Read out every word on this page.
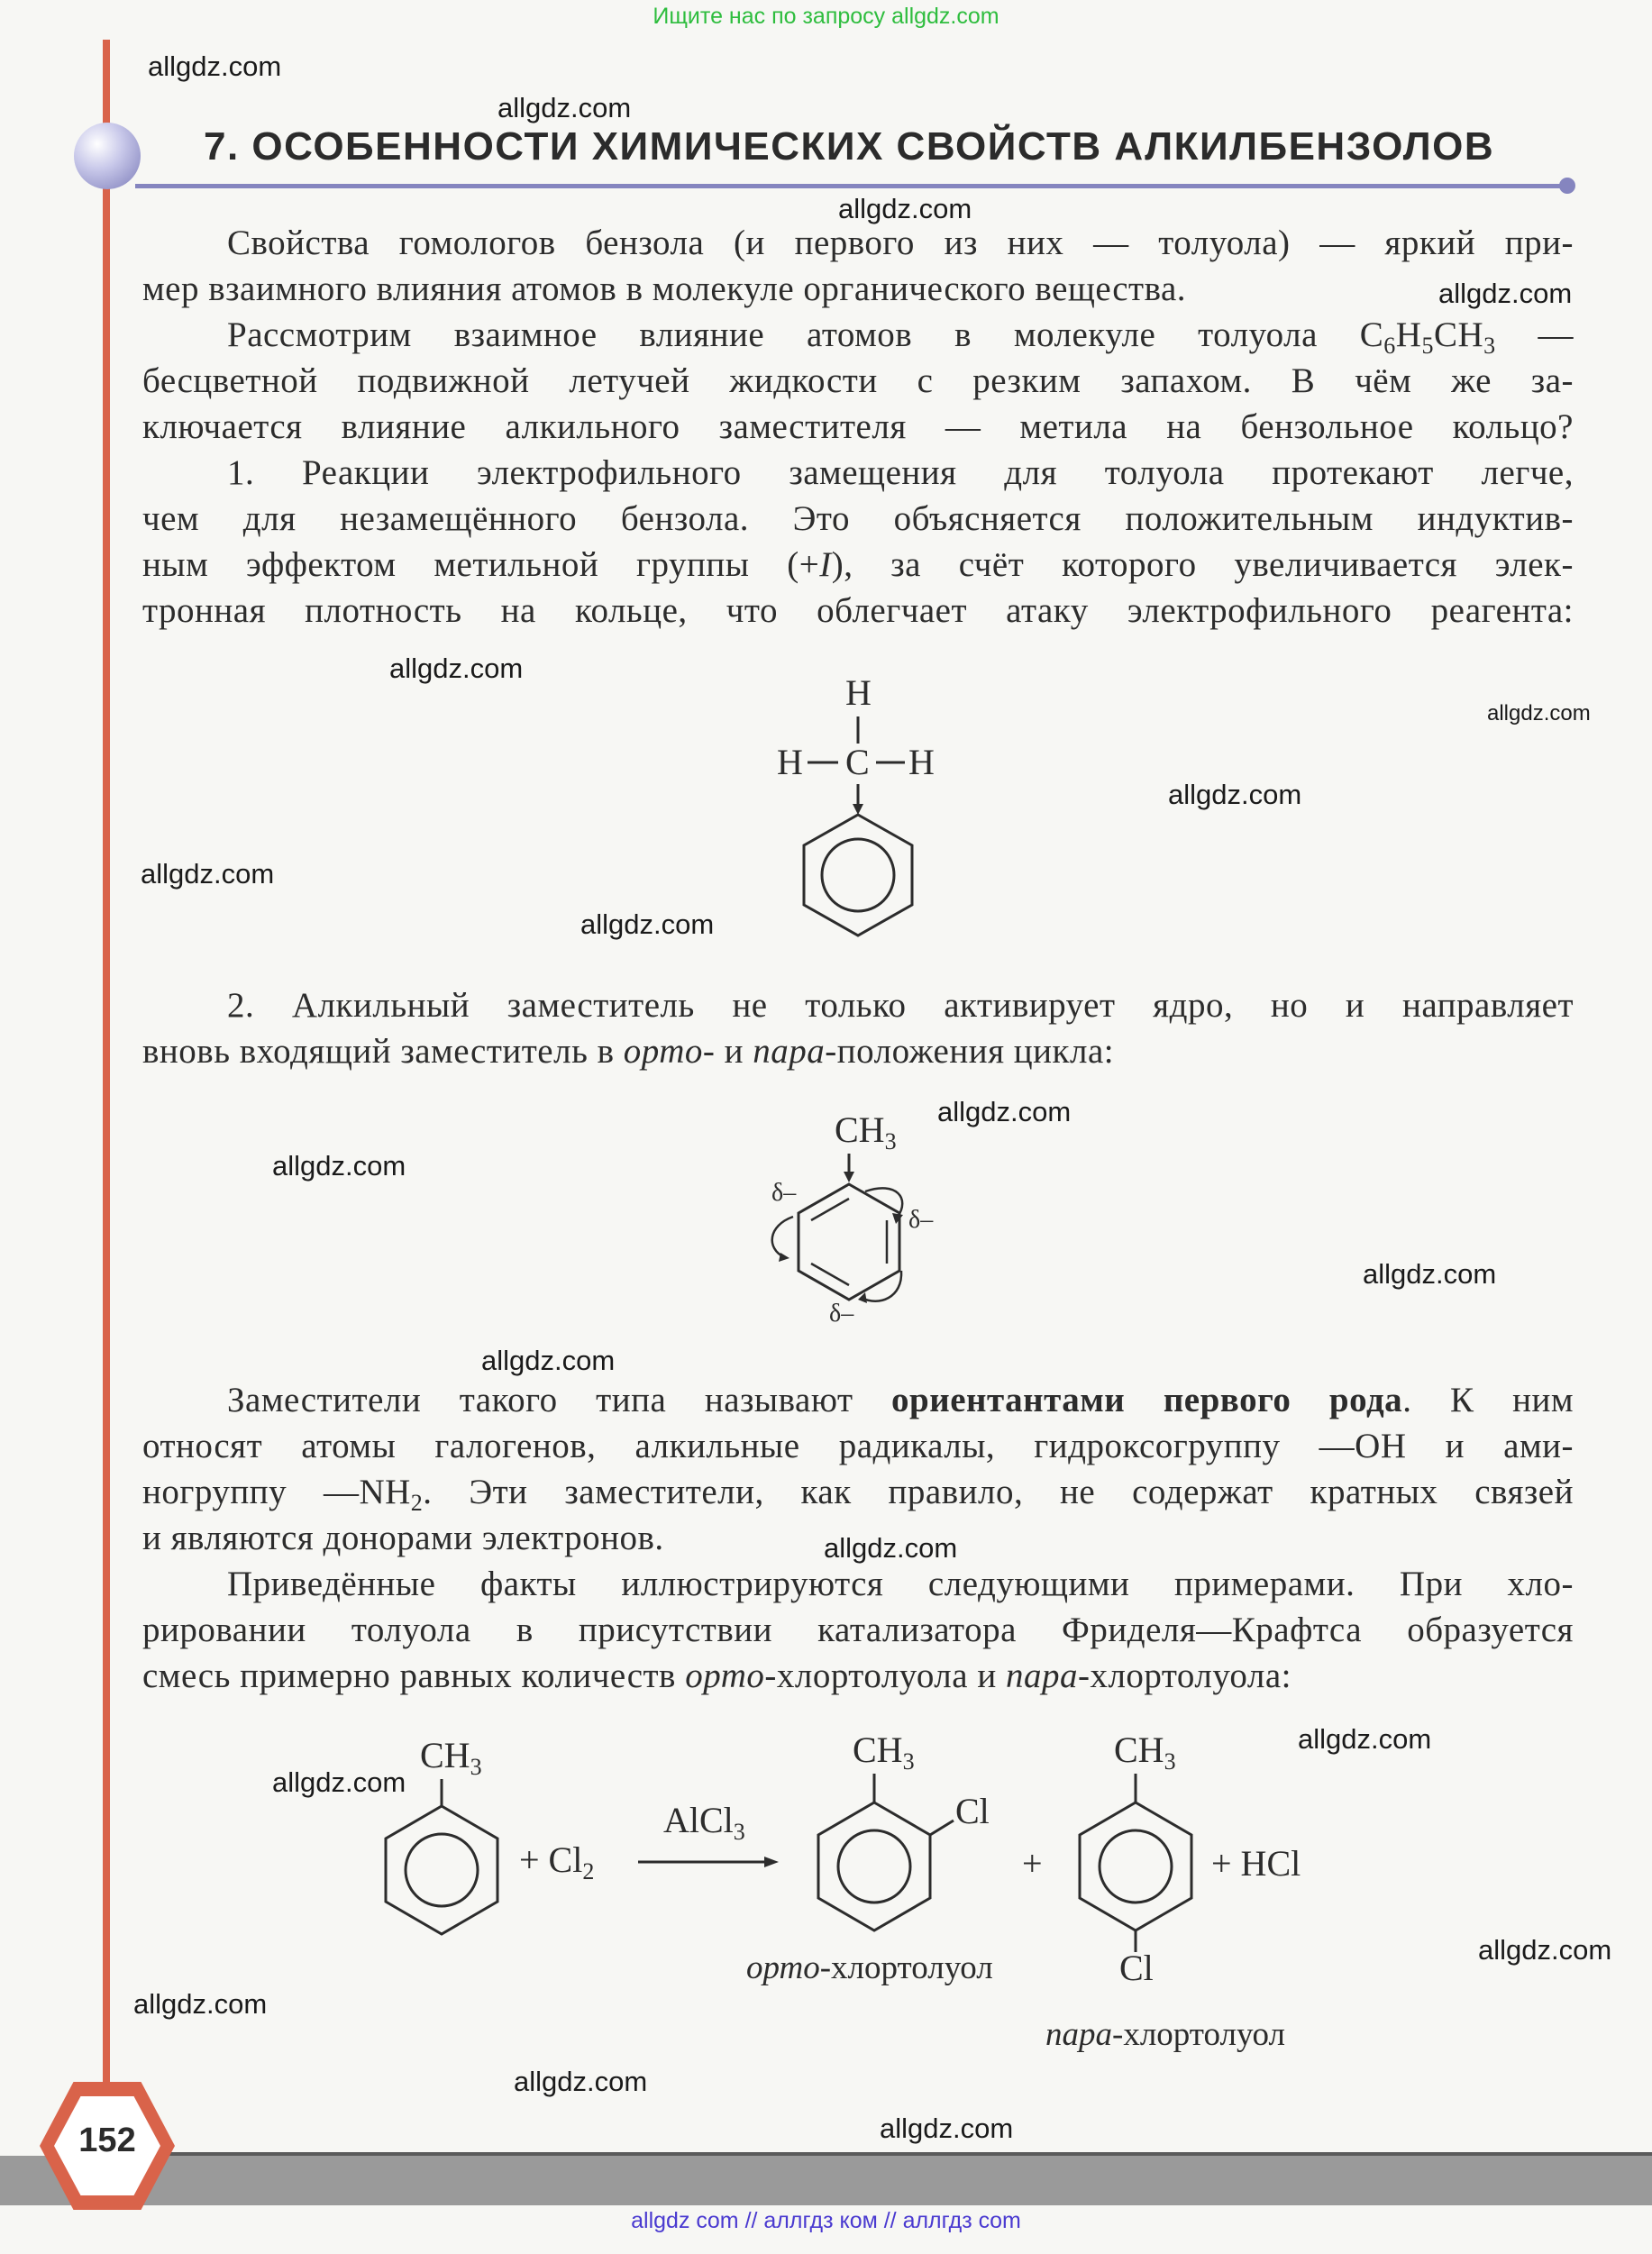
Ищите нас по запросу allgdz.com
7. ОСОБЕННОСТИ ХИМИЧЕСКИХ СВОЙСТВ АЛКИЛБЕНЗОЛОВ
Свойства гомологов бензола (и первого из них — толуола) — яркий при-
мер взаимного влияния атомов в молекуле органического вещества.
Рассмотрим взаимное влияние атомов в молекуле толуола $C_6H_5CH_3$ —
бесцветной подвижной летучей жидкости с резким запахом. В чём же за-
ключается влияние алкильного заместителя — метила на бензольное кольцо?
1. Реакции электрофильного замещения для толуола протекают легче,
чем для незамещённого бензола. Это объясняется положительным индуктив-
ным эффектом метильной группы (+I), за счёт которого увеличивается элек-
тронная плотность на кольце, что облегчает атаку электрофильного реагента:
H
H C H
2. Алкильный заместитель не только активирует ядро, но и направляет
вновь входящий заместитель в орто- и пара-положения цикла:
$CH_3$
δ–
δ–
δ–
Заместители такого типа называют ориентантами первого рода. К ним
относят атомы галогенов, алкильные радикалы, гидроксогруппу —OH и ами-
ногруппу $—NH_2$. Эти заместители, как правило, не содержат кратных связей
и являются донорами электронов.
Приведённые факты иллюстрируются следующими примерами. При хло-
рировании толуола в присутствии катализатора Фриделя—Крафтса образуется
смесь примерно равных количеств орто-хлортолуола и пара-хлортолуола:
$CH_3$
+ $Cl_2$
AlCl$_3$
$CH_3$
Cl
+
$CH_3$
Cl
+ HCl
орто-хлортолуол
пара-хлортолуол
allgdz.com
allgdz.com
allgdz.com
allgdz.com
allgdz.com
allgdz.com
allgdz.com
allgdz.com
allgdz.com
allgdz.com
allgdz.com
allgdz.com
allgdz.com
allgdz.com
allgdz.com
allgdz.com
allgdz.com
allgdz.com
allgdz.com
allgdz.com
152
allgdz com // аллгдз ком // аллгдз com
